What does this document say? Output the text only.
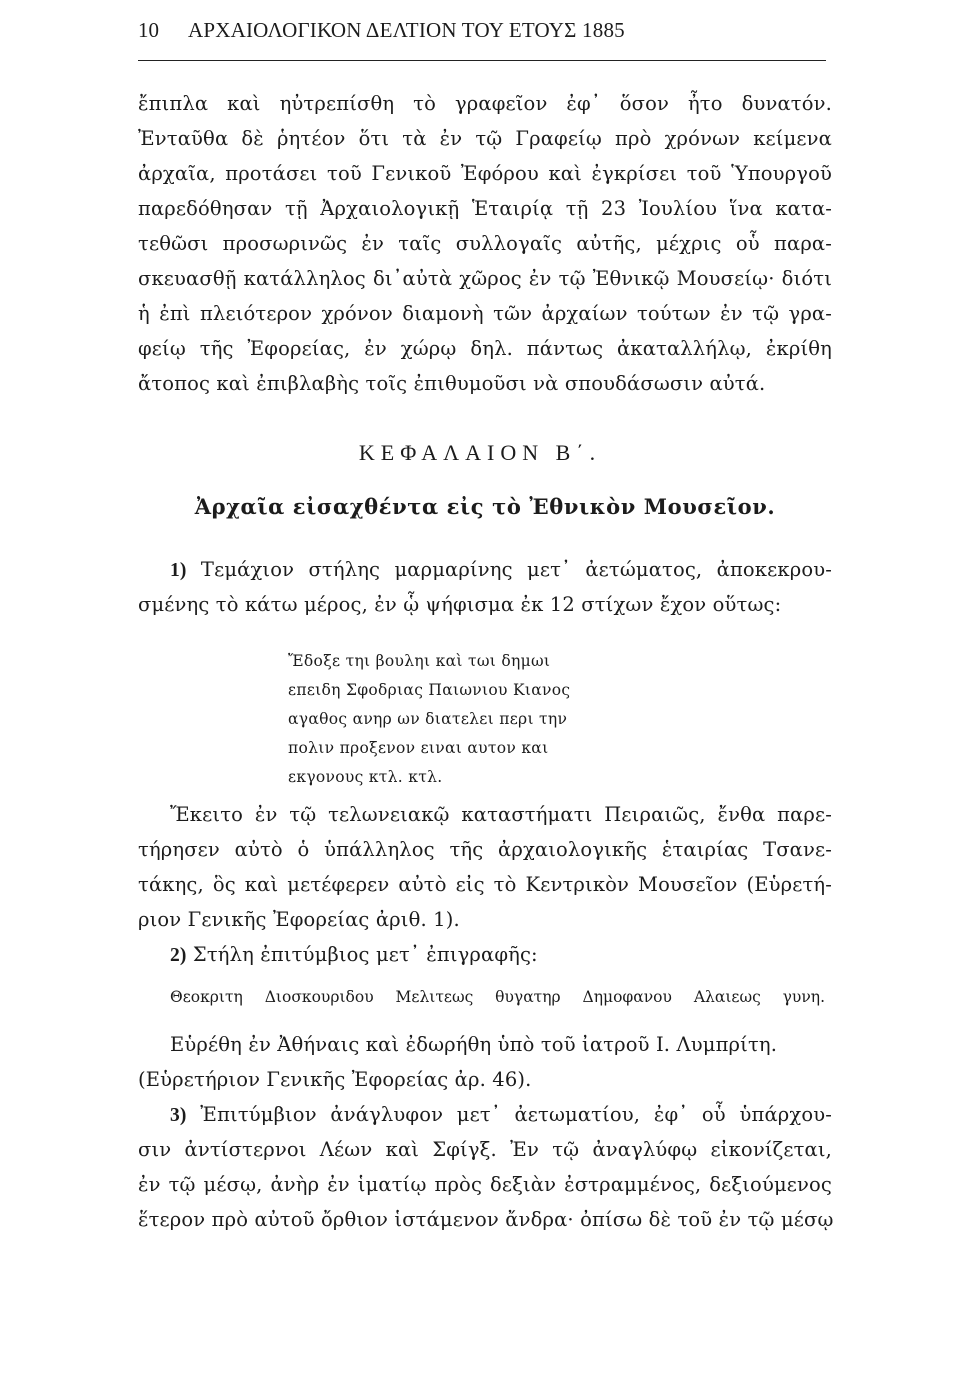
10 ΑΡΧΑΙΟΛΟΓΙΚΟΝ ΔΕΛΤΙΟΝ ΤΟΥ ΕΤΟΥΣ 1885
ἔπιπλα καὶ ηὐτρεπίσθη τὸ γραφεῖον ἐφ᾽ ὅσον ἦτο δυνατόν.
Ἐνταῦθα δὲ ῥητέον ὅτι τὰ ἐν τῷ Γραφείῳ πρὸ χρόνων κείμενα
ἀρχαῖα, προτάσει τοῦ Γενικοῦ Ἐφόρου καὶ ἐγκρίσει τοῦ Ὑπουργοῦ
παρεδόθησαν τῇ Ἀρχαιολογικῇ Ἑταιρίᾳ τῇ 23 Ἰουλίου ἵνα κατα-
τεθῶσι προσωρινῶς ἐν ταῖς συλλογαῖς αὐτῆς, μέχρις οὗ παρα-
σκευασθῇ κατάλληλος δι᾽αὐτὰ χῶρος ἐν τῷ Ἐθνικῷ Μουσείῳ· διότι
ἡ ἐπὶ πλειότερον χρόνον διαμονὴ τῶν ἀρχαίων τούτων ἐν τῷ γρα-
φείῳ τῆς Ἐφορείας, ἐν χώρῳ δηλ. πάντως ἀκαταλλήλῳ, ἐκρίθη
ἄτοπος καὶ ἐπιβλαβὴς τοῖς ἐπιθυμοῦσι νὰ σπουδάσωσιν αὐτά.
ΚΕΦΑΛΑΙΟΝ Β΄.
Ἀρχαῖα εἰσαχθέντα εἰς τὸ Ἐθνικὸν Μουσεῖον.
1) Τεμάχιον στήλης μαρμαρίνης μετ᾽ ἀετώματος, ἀποκεκρου-
σμένης τὸ κάτω μέρος, ἐν ᾧ ψήφισμα ἐκ 12 στίχων ἔχον οὕτως:
Ἔδοξε τηι βουληι καὶ τωι δημωι
επειδη Σφοδριας Παιωνιου Κιανος
αγαθος ανηρ ων διατελει περι την
πολιν προξενον ειναι αυτον και
εκγονους κτλ. κτλ.
Ἔκειτο ἐν τῷ τελωνειακῷ καταστήματι Πειραιῶς, ἔνθα παρε-
τήρησεν αὐτὸ ὁ ὑπάλληλος τῆς ἀρχαιολογικῆς ἑταιρίας Τσανε-
τάκης, ὃς καὶ μετέφερεν αὐτὸ εἰς τὸ Κεντρικὸν Μουσεῖον (Εὑρετή-
ριον Γενικῆς Ἐφορείας ἀριθ. 1).
2) Στήλη ἐπιτύμβιος μετ᾽ ἐπιγραφῆς:
Θεοκριτη Διοσκουριδου Μελιτεως θυγατηρ Δημοφανου Αλαιεως γυνη.
Εὑρέθη ἐν Ἀθήναις καὶ ἐδωρήθη ὑπὸ τοῦ ἰατροῦ Ι. Λυμπρίτη.
(Εὑρετήριον Γενικῆς Ἐφορείας ἀρ. 46).
3) Ἐπιτύμβιον ἀνάγλυφον μετ᾽ ἀετωματίου, ἐφ᾽ οὗ ὑπάρχου-
σιν ἀντίστερνοι Λέων καὶ Σφίγξ. Ἐν τῷ ἀναγλύφῳ εἰκονίζεται,
ἐν τῷ μέσῳ, ἀνὴρ ἐν ἱματίῳ πρὸς δεξιὰν ἐστραμμένος, δεξιούμενος
ἕτερον πρὸ αὐτοῦ ὄρθιον ἱστάμενον ἄνδρα· ὀπίσω δὲ τοῦ ἐν τῷ μέσῳ
